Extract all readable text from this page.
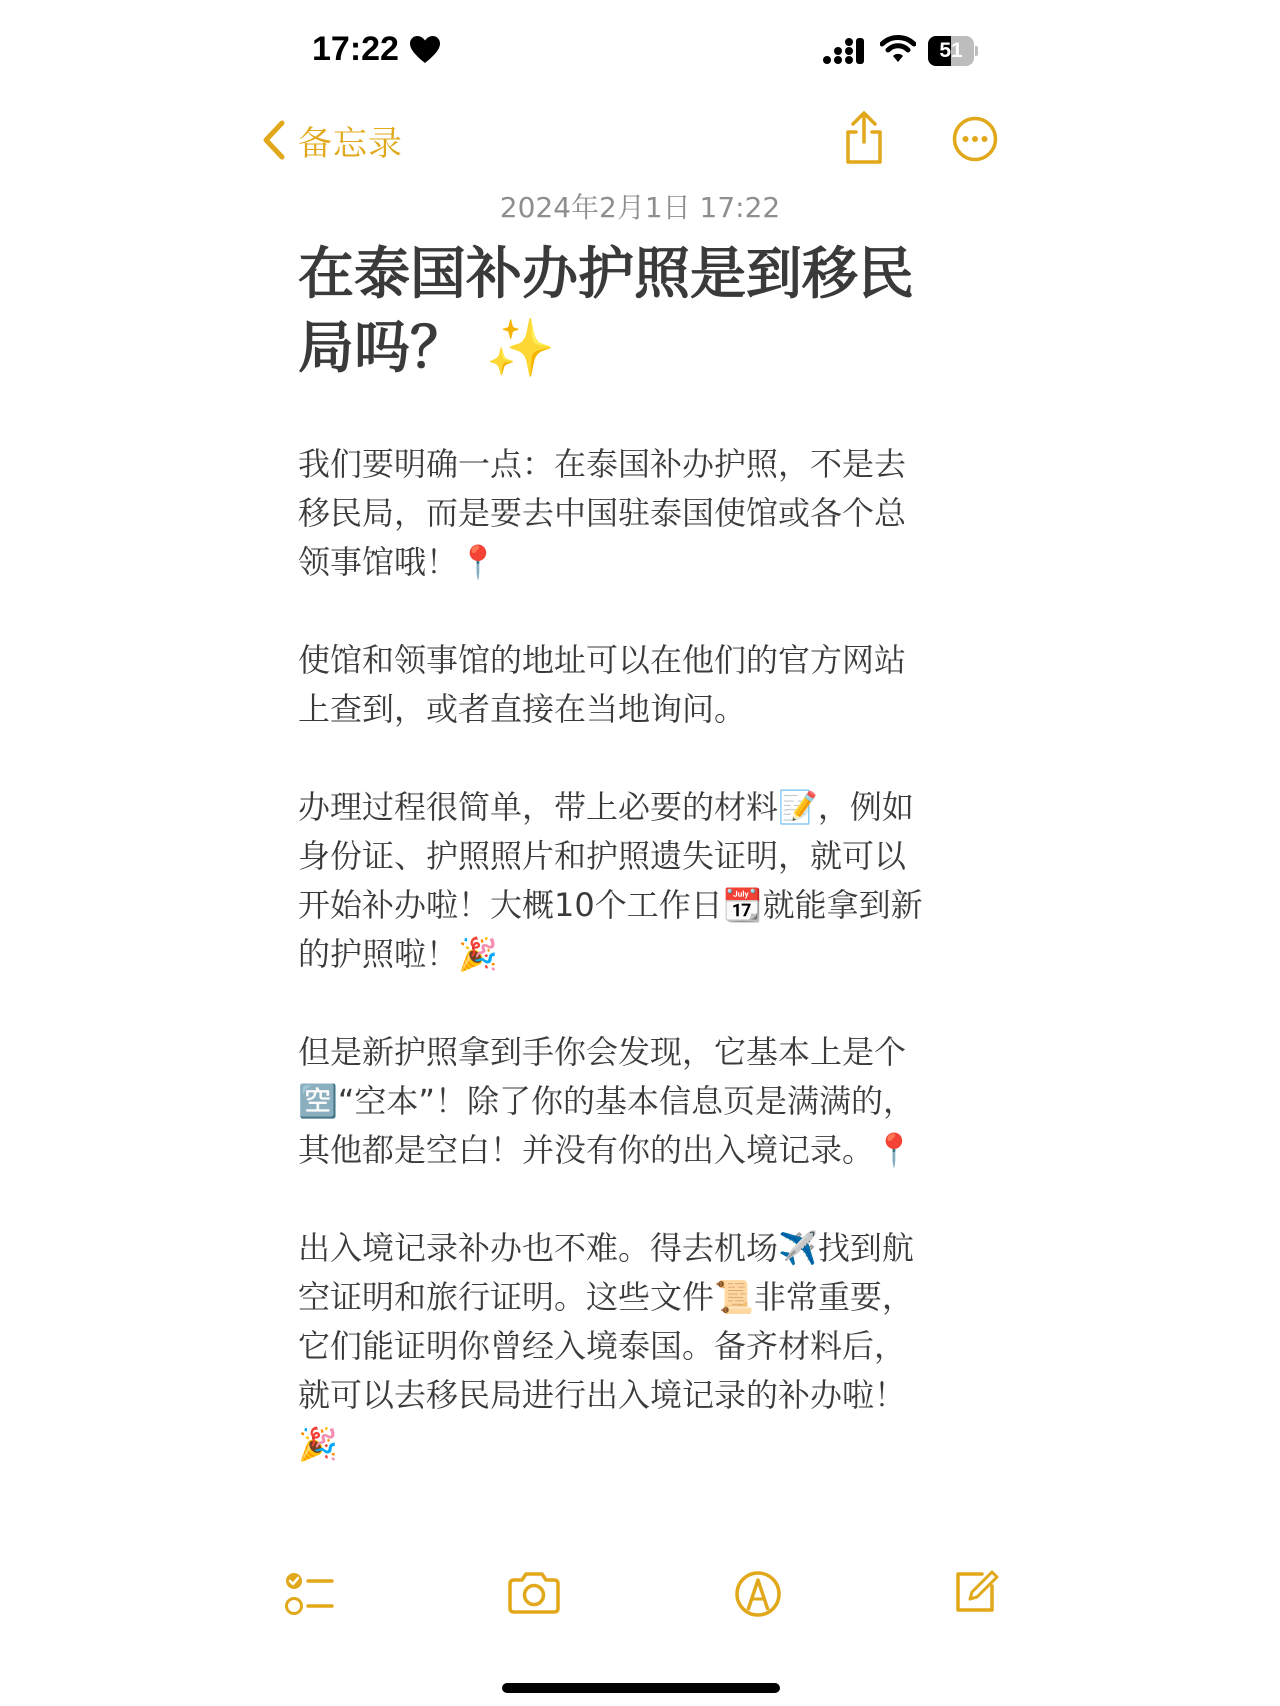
17:22	51
备忘录
2024年2月1日 17:22
在泰国补办护照是到移民
局吗？ ✨
我们要明确一点：在泰国补办护照，不是去
移民局，而是要去中国驻泰国使馆或各个总
领事馆哦！📍
使馆和领事馆的地址可以在他们的官方网站
上查到，或者直接在当地询问。
办理过程很简单，带上必要的材料📝，例如
身份证、护照照片和护照遗失证明，就可以
开始补办啦！大概10个工作日📆就能拿到新
的护照啦！🎉
但是新护照拿到手你会发现，它基本上是个
🈳“空本”！除了你的基本信息页是满满的，
其他都是空白！并没有你的出入境记录。📍
出入境记录补办也不难。得去机场✈️找到航
空证明和旅行证明。这些文件📜非常重要，
它们能证明你曾经入境泰国。备齐材料后，
就可以去移民局进行出入境记录的补办啦！
🎉
